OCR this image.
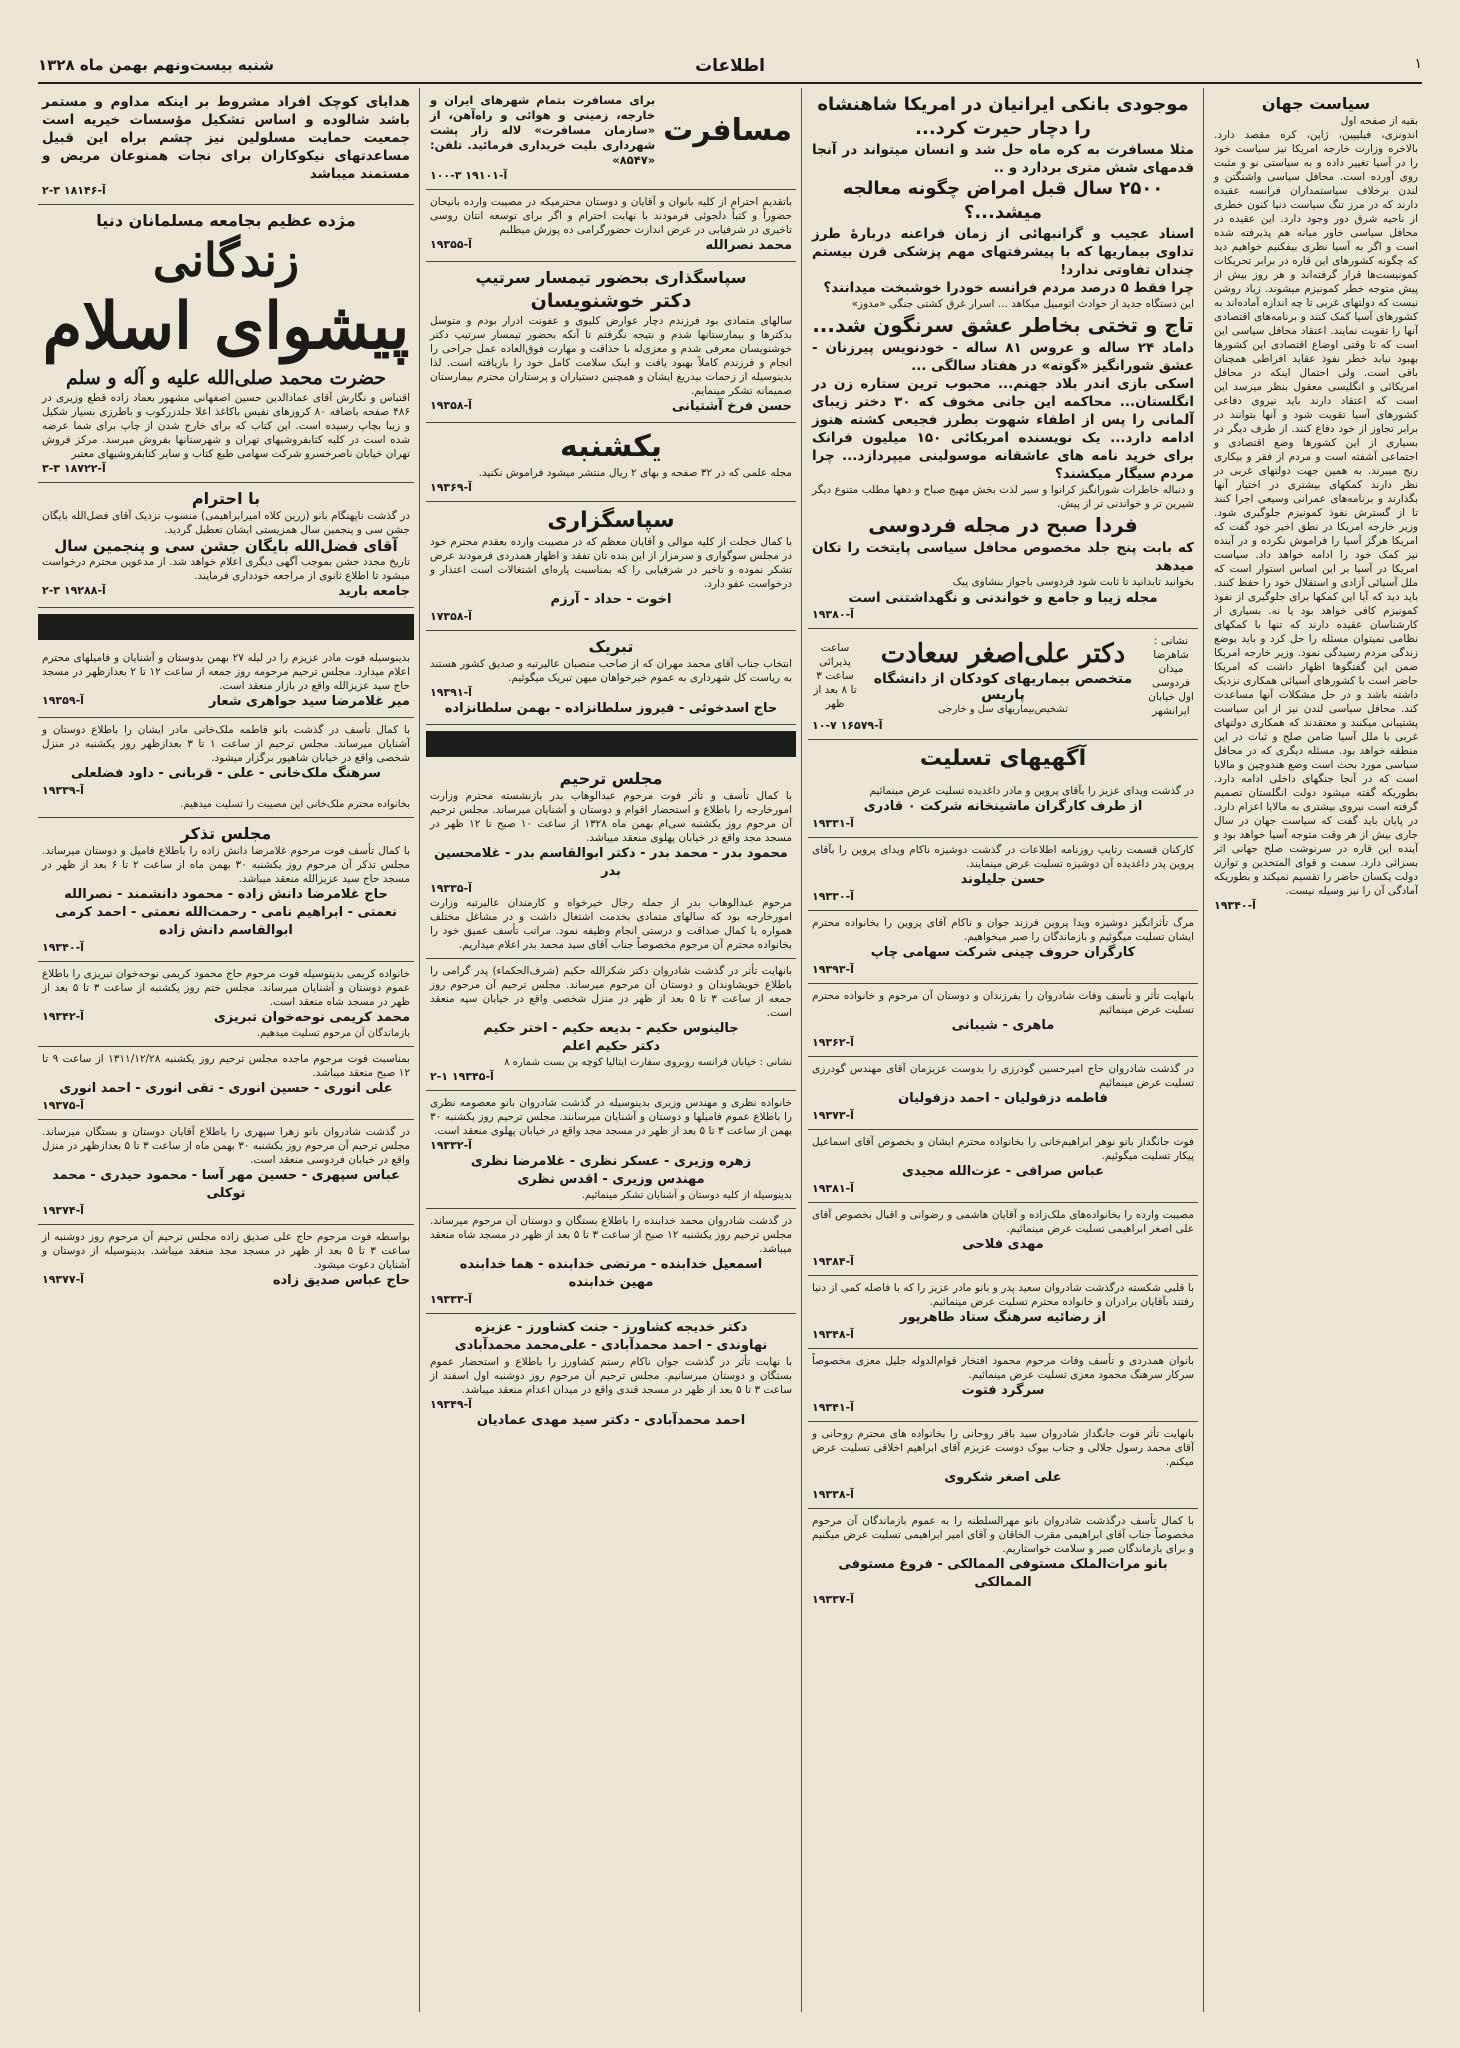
شنبه بیست‌ونهم بهمن ماه ۱۳۲۸	اطلاعات	۱
سیاست جهان
بقیه از صفحه اول
اندونزی، فیلیپین، ژاپن، کره مقصد دارد. بالاخره وزارت خارجه امریکا نیز سیاست خود را در آسیا تغییر داده و به سیاستی نو و مثبت روی آورده است. محافل سیاسی واشنگتن و لندن برخلاف سیاستمداران فرانسه عقیده دارند که در مرز تنگ سیاست دنیا کنون خطری از ناحیه شرق دور وجود دارد. این عقیده در محافل سیاسی خاور میانه هم پذیرفته شده است و اگر به آسیا نظری بیفکنیم خواهیم دید که چگونه کشورهای این قاره در برابر تحریکات کمونیست‌ها قرار گرفته‌اند و هر روز بیش از پیش متوجه خطر کمونیزم میشوند. زیاد روشن نیست که دولتهای غربی تا چه اندازه آماده‌اند به کشورهای آسیا کمک کنند و برنامه‌های اقتصادی آنها را تقویت نمایند. اعتقاد محافل سیاسی این است که تا وقتی اوضاع اقتصادی این کشورها بهبود نیابد خطر نفوذ عقاید افراطی همچنان باقی است. ولی احتمال اینکه در محافل امریکائی و انگلیسی معقول بنظر میرسد این است که اعتقاد دارند باید نیروی دفاعی کشورهای آسیا تقویت شود و آنها بتوانند در برابر تجاوز از خود دفاع کنند. از طرف دیگر در بسیاری از این کشورها وضع اقتصادی و اجتماعی آشفته است و مردم از فقر و بیکاری رنج میبرند. به همین جهت دولتهای غربی در نظر دارند کمکهای بیشتری در اختیار آنها بگذارند و برنامه‌های عمرانی وسیعی اجرا کنند تا از گسترش نفوذ کمونیزم جلوگیری شود. وزیر خارجه امریکا در نطق اخیر خود گفت که امریکا هرگز آسیا را فراموش نکرده و در آینده نیز کمک خود را ادامه خواهد داد. سیاست امریکا در آسیا بر این اساس استوار است که ملل آسیائی آزادی و استقلال خود را حفظ کنند. باید دید که آیا این کمکها برای جلوگیری از نفوذ کمونیزم کافی خواهد بود یا نه. بسیاری از کارشناسان عقیده دارند که تنها با کمکهای نظامی نمیتوان مسئله را حل کرد و باید بوضع زندگی مردم رسیدگی نمود. وزیر خارجه امریکا ضمن این گفتگوها اظهار داشت که امریکا حاضر است با کشورهای آسیائی همکاری نزدیک داشته باشد و در حل مشکلات آنها مساعدت کند. محافل سیاسی لندن نیز از این سیاست پشتیبانی میکنند و معتقدند که همکاری دولتهای غربی با ملل آسیا ضامن صلح و ثبات در این منطقه خواهد بود. مسئله دیگری که در محافل سیاسی مورد بحث است وضع هندوچین و مالایا است که در آنجا جنگهای داخلی ادامه دارد. بطوریکه گفته میشود دولت انگلستان تصمیم گرفته است نیروی بیشتری به مالایا اعزام دارد. در پایان باید گفت که سیاست جهان در سال جاری بیش از هر وقت متوجه آسیا خواهد بود و آینده این قاره در سرنوشت صلح جهانی اثر بسزائی دارد. سمت و قوای المتحدین و توازن دولت یکسان حاضر را تقسیم نمیکند و بطوریکه آمادگی آن را نیز وسیله نیست.
آ-۱۹۳۴۰
موجودی بانکی ایرانیان در امریکا شاهنشاه را دچار حیرت کرد...
مثلا مسافرت به کره ماه حل شد و انسان میتواند در آنجا قدمهای شش متری بردارد و ..
۲۵۰۰ سال قبل امراض چگونه معالجه میشد...؟
اسناد عجیب و گرانبهائی از زمان فراعنه دربارهٔ طرز تداوی بیماریها که با پیشرفتهای مهم پزشکی قرن بیستم چندان تفاوتی ندارد!
چرا فقط ۵ درصد مردم فرانسه خودرا خوشبخت میدانند؟
این دستگاه جدید از حوادث اتومبیل میکاهد ... اسرار غرق کشتی جنگی «مدوز»
تاج و تختی بخاطر عشق سرنگون شد...
داماد ۲۴ ساله و عروس ۸۱ ساله - خودنویس پیرزنان - عشق شورانگیز «گوته» در هفتاد سالگی ...
اسکی بازی اندر بلاد جهنم... محبوب ترین ستاره زن در انگلستان... محاکمه این جانی مخوف که ۳۰ دختر زیبای آلمانی را پس از اطفاء شهوت بطرز فجیعی کشته هنوز ادامه دارد... یک نویسنده امریکائی ۱۵۰ میلیون فرانک برای خرید نامه های عاشقانه موسولینی میپردازد... چرا مردم سیگار میکشند؟
و دنباله خاطرات شورانگیز کرانوا و سیر لذت بخش مهیج صباح و دهها مطلب متنوع دیگر شیرین تر و خواندنی تر از پیش.
فردا صبح در مجله فردوسی
که بابت پنج جلد مخصوص محافل سیاسی پایتخت را تکان میدهد
بخوانید تابدانید تا ثابت شود فردوسی باجواز بنشاوی پیک
مجله زیبا و جامع و خواندنی و نگهداشتنی است
آ-۱۹۳۸۰
نشانی : شاهرضا میدان فردوسی اول خیابان ایرانشهر
دکتر علی‌اصغر سعادت
متخصص بیماریهای کودکان از دانشگاه پاریس
تشخیص‌بیماریهای سل و خارجی
ساعت پذیرائی ساعت ۳ تا ۸ بعد از ظهر
آ-۱۶۵۷۹ ۷-۱۰
آگهیهای تسلیت
در گذشت ویدای عزیز را بآقای پروین و مادر داغدیده تسلیت عرض مینمائیم
از طرف کارگران ماشینخانه شرکت ۰ قادری
آ-۱۹۳۳۱
کارکنان قسمت رتایپ روزنامه اطلاعات در گذشت دوشیزه ناکام ویدای پروین را بآقای پروین پدر داغدیده آن دوشیزه تسلیت عرض مینمایند.
حسن جلیلوند
آ-۱۹۳۳۰
مرگ تأثرانگیز دوشیزه ویدا پروین فرزند جوان و ناکام آقای پروین را بخانواده محترم ایشان تسلیت میگوئیم و بازماندگان را صبر میخواهیم.
کارگران حروف چینی شرکت سهامی چاپ
آ-۱۹۳۹۳
بانهایت تأثر و تأسف وفات شادروان را بفرزندان و دوستان آن مرحوم و خانواده محترم تسلیت عرض مینمائیم
ماهری - شیبانی
آ-۱۹۳۶۲
در گذشت شادروان حاج امیرحسین گودرزی را بدوست عزیزمان آقای مهندس گودرزی تسلیت عرض مینمائیم
فاطمه دزفولیان - احمد دزفولیان
آ-۱۹۳۷۳
فوت جانگداز بانو نوهر ابراهیم‌خانی را بخانواده محترم ایشان و بخصوص آقای اسماعیل پیکار تسلیت میگوئیم.
عباس صرافی - عزت‌الله مجیدی
آ-۱۹۳۸۱
مصیبت وارده را بخانواده‌های ملک‌زاده و آقایان هاشمی و رضوانی و اقبال بخصوص آقای علی اصغر ابراهیمی تسلیت عرض مینمائیم.
مهدی فلاحی
آ-۱۹۳۸۴
با قلبی شکسته درگذشت شادروان سعید پدر و بانو مادر عزیز را که با فاصله کمی از دنیا رفتند بآقایان برادران و خانواده محترم تسلیت عرض مینمائیم.
از رضائیه سرهنگ ستاد طاهرپور
آ-۱۹۳۴۸
بانوان همدردی و تأسف وفات مرحوم محمود افتخار قوام‌الدوله جلیل معزی مخصوصاً سرکار سرهنگ محمود معزی تسلیت عرض مینمائیم.
سرگرد فتوت
آ-۱۹۳۴۱
بانهایت تأثر فوت جانگداز شادروان سید باقر روحانی را بخانواده های محترم روحانی و آقای محمد رسول جلالی و جناب بیوک دوست عزیزم آقای ابراهیم اخلاقی تسلیت عرض میکنم.
علی اصغر شکروی
آ-۱۹۳۳۸
با کمال تأسف درگذشت شادروان بانو مهرالسلطنه را به عموم بازماندگان آن مرحوم مخصوصاً جناب آقای ابراهیمی مقرب الخاقان و آقای امیر ابراهیمی تسلیت عرض میکنیم و برای بازماندگان صبر و سلامت خواستاریم.
بانو مرات‌الملک مستوفی الممالکی - فروغ مستوفی الممالکی
آ-۱۹۳۳۷
مسافرت
برای مسافرت بتمام شهرهای ایران و خارجه، زمینی و هوائی و راه‌آهن، از «سازمان مسافرت» لاله زار پشت شهرداری بلیت خریداری فرمائید. تلفن: «۸۵۴۷»
آ-۱۹۱۰۱ ۳-۱۰۰
باتقدیم احترام از کلیه بانوان و آقایان و دوستان محترمیکه در مصیبت وارده بانیحان حضوراً و کتباً دلجوئی فرمودند با نهایت احترام و اگر برای توسعه انتان روسی تاخیری در شرفیابی در عرض اندازت حضورگرامی ده پوزش میطلبم
آ-۱۹۳۵۵	محمد نصرالله
سپاسگذاری بحضور تیمسار سرتیپ
دکتر خوشنویسان
سالهای متمادی بود فرزندم دچار عوارض کلیوی و عفونت ادرار بودم و متوسل بدکترها و بیمارستانها شدم و نتیجه نگرفتم تا آنکه بحضور تیمسار سرتیپ دکتر خوشنویسان معرفی شدم و معزی‌له با حذاقت و مهارت فوق‌العاده عمل جراحی را انجام و فرزندم کاملاً بهبود یافت و اینک سلامت کامل خود را بازیافته است. لذا بدینوسیله از زحمات بیدریغ ایشان و همچنین دستیاران و پرستاران محترم بیمارستان صمیمانه تشکر مینمایم.
آ-۱۹۳۵۸	حسن فرخ آشتیانی
یکشنبه
مجله علمی که در ۳۲ صفحه و بهای ۲ ریال منتشر میشود فراموش نکنید.
آ-۱۹۳۶۹
سپاسگزاری
با کمال خجلت از کلیه موالی و آقایان معظم که در مصیبت وارده بعقدم محترم خود در مجلس سوگواری و سرمزار از این بنده تان تفقد و اظهار همدردی فرمودند عرض تشکر نموده و تاخیر در شرفیابی را که بمناسبت پاره‌ای اشتغالات است اعتذار و درخواست عفو دارد.
اخوت - حداد - آرزم
آ-۱۷۳۵۸
تبریک
انتخاب جناب آقای محمد مهران که از صاحب منصبان عالیرتبه و صدیق کشور هستند به ریاست کل شهرداری به عموم خیرخواهان میهن تبریک میگوئیم.
آ-۱۹۳۹۱
حاج اسدخوئی - فیروز سلطانزاده - بهمن سلطانزاده
مجلس ترحیم
با کمال تأسف و تأثر فوت مرحوم عبدالوهاب بدر بازنشسته محترم وزارت امورخارجه را باطلاع و استحضار اقوام و دوستان و آشنایان میرساند. مجلس ترحیم آن مرحوم روز یکشنبه سی‌ام بهمن ماه ۱۳۲۸ از ساعت ۱۰ صبح تا ۱۲ ظهر در مسجد مجد واقع در خیابان پهلوی منعقد میباشد.
محمود بدر - محمد بدر - دکتر ابوالقاسم بدر - غلامحسین بدر
آ-۱۹۳۳۵
مرحوم عبدالوهاب بدر از جمله رجال خیرخواه و کارمندان عالیرتبه وزارت امورخارجه بود که سالهای متمادی بخدمت اشتغال داشت و در مشاغل مختلف همواره با کمال صداقت و درستی انجام وظیفه نمود. مراتب تأسف عمیق خود را بخانواده محترم آن مرحوم مخصوصاً جناب آقای سید محمد بدر اعلام میداریم.
بانهایت تأثر در گذشت شادروان دکتر شکرالله حکیم (شرف‌الحکماء) پدر گرامی را باطلاع خویشاوندان و دوستان آن مرحوم میرساند. مجلس ترحیم آن مرحوم روز جمعه از ساعت ۳ تا ۵ بعد از ظهر در منزل شخصی واقع در خیابان سپه منعقد است.
جالینوس حکیم - بدیعه حکیم - اختر حکیم
دکتر حکیم اعلم
نشانی : خیابان فرانسه روبروی سفارت ایتالیا کوچه بن بست شماره ۸
آ-۱۹۳۴۵ ۱-۲
خانواده نظری و مهندس وزیری بدینوسیله در گذشت شادروان بانو معصومه نظری را باطلاع عموم فامیلها و دوستان و آشنایان میرسانند. مجلس ترحیم روز یکشنبه ۳۰ بهمن از ساعت ۳ تا ۵ بعد از ظهر در مسجد مجد واقع در خیابان پهلوی منعقد است.
آ-۱۹۳۳۲
زهره وزیری - عسکر نظری - غلامرضا نظری
مهندس وزیری - اقدس نظری
بدینوسیله از کلیه دوستان و آشنایان تشکر مینمائیم.
در گذشت شادروان محمد خدابنده را باطلاع بستگان و دوستان آن مرحوم میرساند. مجلس ترحیم روز یکشنبه ۱۲ صبح از ساعت ۳ تا ۵ بعد از ظهر در مسجد شاه منعقد میباشد.
اسمعیل خدابنده - مرتضی خدابنده - هما خدابنده
مهین خدابنده
آ-۱۹۳۳۳
دکتر خدیجه کشاورز - جنت کشاورز - عزیزه
نهاوندی - احمد محمدآبادی - علی‌محمد محمدآبادی
با نهایت تأثر در گذشت جوان ناکام رستم کشاورز را باطلاع و استحضار عموم بستگان و دوستان میرسانیم. مجلس ترحیم آن مرحوم روز دوشنبه اول اسفند از ساعت ۳ تا ۵ بعد از ظهر در مسجد قندی واقع در میدان اعدام منعقد میباشد.
آ-۱۹۳۴۹
احمد محمدآبادی - دکتر سید مهدی عمادیان
هدایای کوچک افراد مشروط بر اینکه مداوم و مستمر باشد شالوده و اساس تشکیل مؤسسات خیریه است جمعیت حمایت مسلولین نیز چشم براه این قبیل مساعدتهای نیکوکاران برای نجات همنوعان مریض و مستمند میباشد
آ-۱۸۱۴۶ ۳-۲
مژده عظیم بجامعه مسلمانان دنیا
زندگانی
پیشوای اسلام
حضرت محمد صلی‌الله علیه و آله و سلم
اقتباس و نگارش آقای عمادالدین حسین اصفهانی مشهور بعماد زاده قطع وزیری در ۴۸۶ صفحه باضافه ۸۰ کروزهای نفیس باکاغذ اعلا جلدزرکوب و باطرزی بسیار شکیل و زیبا بچاپ رسیده است. این کتاب که برای خارج شدن از چاپ برای شما عرضه شده است در کلیه کتابفروشیهای تهران و شهرستانها بفروش میرسد. مرکز فروش تهران خیابان ناصرخسرو شرکت سهامی طبع کتاب و سایر کتابفروشیهای معتبر
آ-۱۸۷۲۲ ۳-۳
با احترام
در گذشت ناپهنگام بانو (زرین کلاه امیرابراهیمی) منسوب نزدیک آقای فضل‌الله بایگان جشن سی و پنجمین سال همزیستی ایشان تعطیل گردید.
آقای فضل‌الله بایگان جشن سی و پنجمین سال
تاریخ مجدد جشن بموجب آگهی دیگری اعلام خواهد شد. از مدعوین محترم درخواست میشود تا اطلاع ثانوی از مراجعه خودداری فرمایند.
آ-۱۹۲۸۸ ۳-۲	جامعه بارید
بدینوسیله فوت مادر عزیزم را در لیله ۲۷ بهمن بدوستان و آشنایان و فامیلهای محترم اعلام میدارد. مجلس ترحیم مرحومه روز جمعه از ساعت ۱۲ تا ۲ بعدازظهر در مسجد حاج سید عزیزالله واقع در بازار منعقد است.
آ-۱۹۳۵۹	میر غلامرضا سید جواهری شعار
با کمال تأسف در گذشت بانو فاطمه ملک‌خانی مادر ایشان را باطلاع دوستان و آشنایان میرساند. مجلس ترحیم از ساعت ۱ تا ۳ بعدازظهر روز یکشنبه در منزل شخصی واقع در خیابان شاهپور برگزار میشود.
سرهنگ ملک‌خانی - علی - قربانی - داود فضلعلی
آ-۱۹۳۳۹
بخانواده محترم ملک‌خانی این مصیبت را تسلیت میدهیم.
مجلس تذکر
با کمال تأسف فوت مرحوم غلامرضا دانش زاده را باطلاع فامیل و دوستان میرساند. مجلس تذکر آن مرحوم روز یکشنبه ۳۰ بهمن ماه از ساعت ۲ تا ۶ بعد از ظهر در مسجد حاج سید عزیزالله منعقد میباشد.
حاج غلامرضا دانش زاده - محمود دانشمند - نصرالله
نعمتی - ابراهیم نامی - رحمت‌الله نعمتی - احمد کرمی
ابوالقاسم دانش زاده
آ-۱۹۳۴۰
خانواده کریمی بدینوسیله فوت مرحوم حاج محمود کریمی نوحه‌خوان تبریزی را باطلاع عموم دوستان و آشنایان میرساند. مجلس ختم روز یکشنبه از ساعت ۳ تا ۵ بعد از ظهر در مسجد شاه منعقد است.
آ-۱۹۳۴۲	محمد کریمی نوحه‌خوان تبریزی
بازماندگان آن مرحوم تسلیت میدهیم.
بمناسبت فوت مرحوم ماجده مجلس ترحیم روز یکشنبه ۱۳۱۱/۱۲/۲۸ از ساعت ۹ تا ۱۲ صبح منعقد میباشد.
علی انوری - حسین انوری - تقی انوری - احمد انوری
آ-۱۹۳۷۵
در گذشت شادروان بانو زهرا سپهری را باطلاع آقایان دوستان و بستگان میرساند. مجلس ترحیم آن مرحوم روز یکشنبه ۳۰ بهمن ماه از ساعت ۳ تا ۵ بعدازظهر در منزل واقع در خیابان فردوسی منعقد است.
عباس سپهری - حسین مهر آسا - محمود حیدری - محمد توکلی
آ-۱۹۳۷۴
بواسطه فوت مرحوم حاج علی صدیق زاده مجلس ترحیم آن مرحوم روز دوشنبه از ساعت ۳ تا ۵ بعد از ظهر در مسجد مجد منعقد میباشد. بدینوسیله از دوستان و آشنایان دعوت میشود.
آ-۱۹۳۷۷	حاج عباس صدیق زاده
